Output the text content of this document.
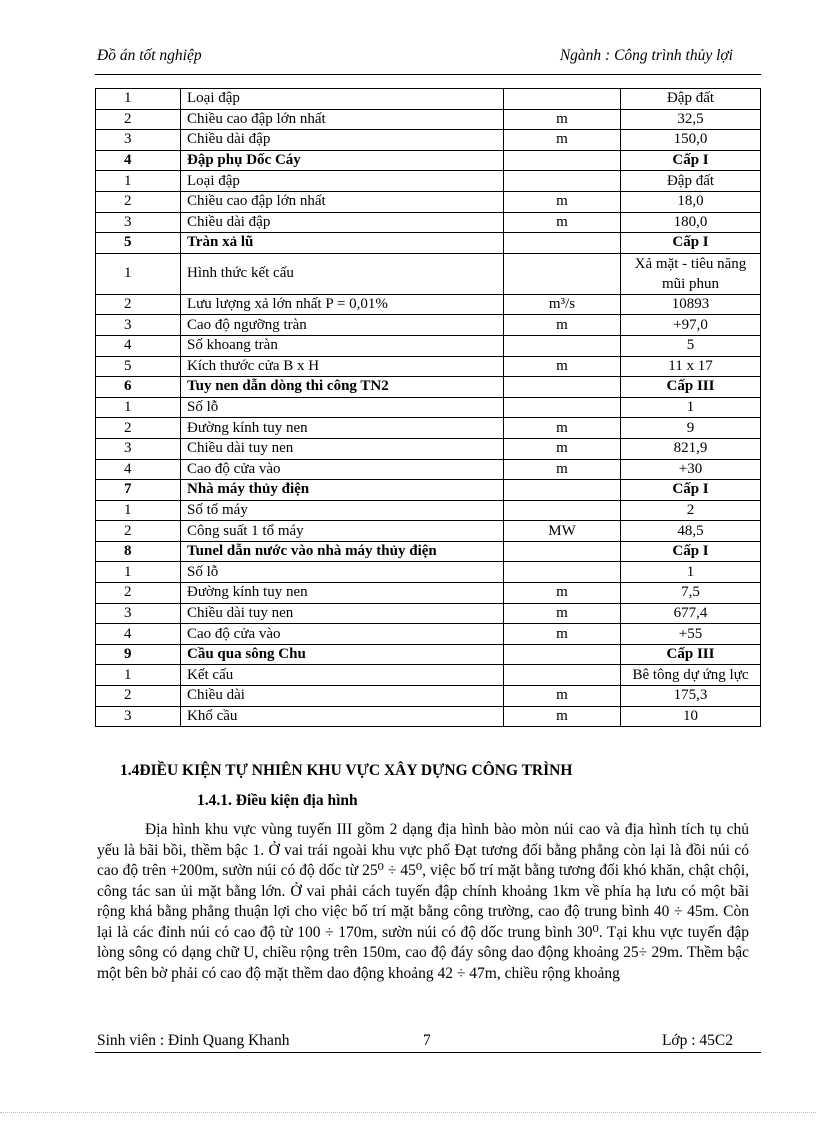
Đồ án tốt nghiệp	Ngành : Công trình thủy lợi
1	Loại đập		Đập đất
2	Chiều cao đập lớn nhất	m	32,5
3	Chiều dài đập	m	150,0
4	Đập phụ Dốc Cáy		Cấp I
1	Loại đập		Đập đất
2	Chiều cao đập lớn nhất	m	18,0
3	Chiều dài đập	m	180,0
5	Tràn xả lũ		Cấp I
1	Hình thức kết cấu		Xả mặt - tiêu năng mũi phun
2	Lưu lượng xả lớn nhất P = 0,01%	m³/s	10893
3	Cao độ ngưỡng tràn	m	+97,0
4	Số khoang tràn		5
5	Kích thước cửa B x H	m	11 x 17
6	Tuy nen dẫn dòng thi công TN2		Cấp III
1	Số lỗ		1
2	Đường kính tuy nen	m	9
3	Chiều dài tuy nen	m	821,9
4	Cao độ cửa vào	m	+30
7	Nhà máy thủy điện		Cấp I
1	Số tổ máy		2
2	Công suất 1 tổ máy	MW	48,5
8	Tunel dẫn nước vào nhà máy thủy điện		Cấp I
1	Số lỗ		1
2	Đường kính tuy nen	m	7,5
3	Chiều dài tuy nen	m	677,4
4	Cao độ cửa vào	m	+55
9	Cầu qua sông Chu		Cấp III
1	Kết cấu		Bê tông dự ứng lực
2	Chiều dài	m	175,3
3	Khổ cầu	m	10
1.4ĐIỀU KIỆN TỰ NHIÊN KHU VỰC XÂY DỰNG CÔNG TRÌNH
1.4.1. Điều kiện địa hình

Địa hình khu vực vùng tuyến III gồm 2 dạng địa hình bào mòn núi cao và địa hình tích tụ chủ yếu là bãi bồi, thềm bậc 1. Ở vai trái ngoài khu vực phố Đạt tương đối bằng phẳng còn lại là đồi núi có cao độ trên +200m, sườn núi có độ dốc từ 25⁰ ÷ 45⁰, việc bố trí mặt bằng tương đối khó khăn, chật chội, công tác san ủi mặt bằng lớn. Ở vai phải cách tuyến đập chính khoảng 1km về phía hạ lưu có một bãi rộng khá bằng phẳng thuận lợi cho việc bố trí mặt bằng công trường, cao độ trung bình 40 ÷ 45m. Còn lại là các đỉnh núi có cao độ từ 100 ÷ 170m, sườn núi có độ dốc trung bình 30⁰. Tại khu vực tuyến đập lòng sông có dạng chữ U, chiều rộng trên 150m, cao độ đáy sông dao động khoảng 25÷ 29m. Thềm bậc một bên bờ phải có cao độ mặt thềm dao động khoảng 42 ÷ 47m, chiều rộng khoảng

Sinh viên : Đinh Quang Khanh	7	Lớp : 45C2
